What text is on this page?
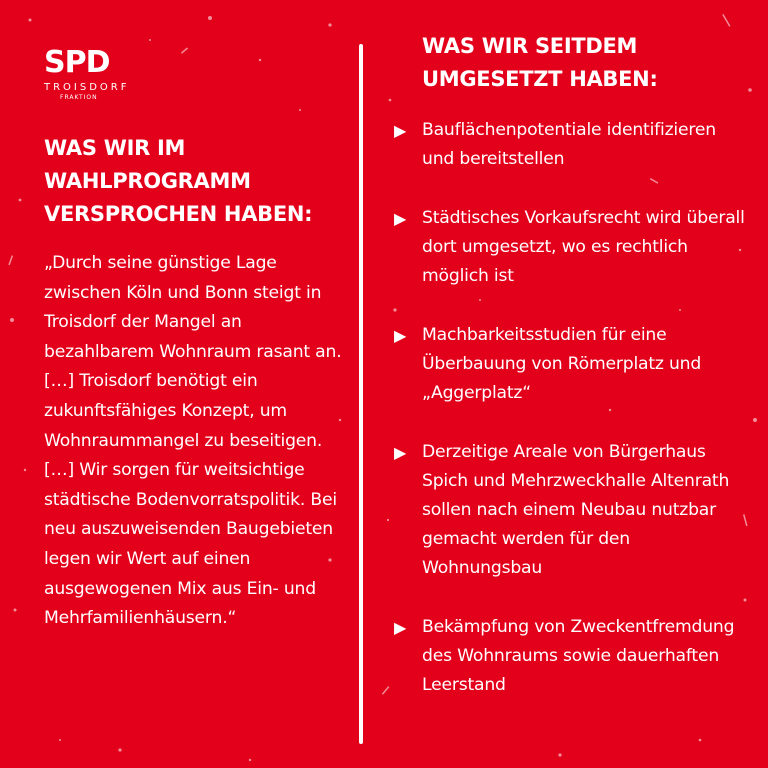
SPD
TROISDORF
FRAKTION
WAS WIR IM WAHLPROGRAMM VERSPROCHEN HABEN:
„Durch seine günstige Lage zwischen Köln und Bonn steigt in Troisdorf der Mangel an bezahlbarem Wohnraum rasant an. […] Troisdorf benötigt ein zukunftsfähiges Konzept, um Wohnraummangel zu beseitigen. […] Wir sorgen für weitsichtige städtische Bodenvorratspolitik. Bei neu auszuweisenden Baugebieten legen wir Wert auf einen ausgewogenen Mix aus Ein- und Mehrfamilienhäusern.“
WAS WIR SEITDEM UMGESETZT HABEN:
▶ Bauflächenpotentiale identifizieren und bereitstellen
▶ Städtisches Vorkaufsrecht wird überall dort umgesetzt, wo es rechtlich möglich ist
▶ Machbarkeitsstudien für eine Überbauung von Römerplatz und „Aggerplatz“
▶ Derzeitige Areale von Bürgerhaus Spich und Mehrzweckhalle Altenrath sollen nach einem Neubau nutzbar gemacht werden für den Wohnungsbau
▶ Bekämpfung von Zweckentfremdung des Wohnraums sowie dauerhaften Leerstand
